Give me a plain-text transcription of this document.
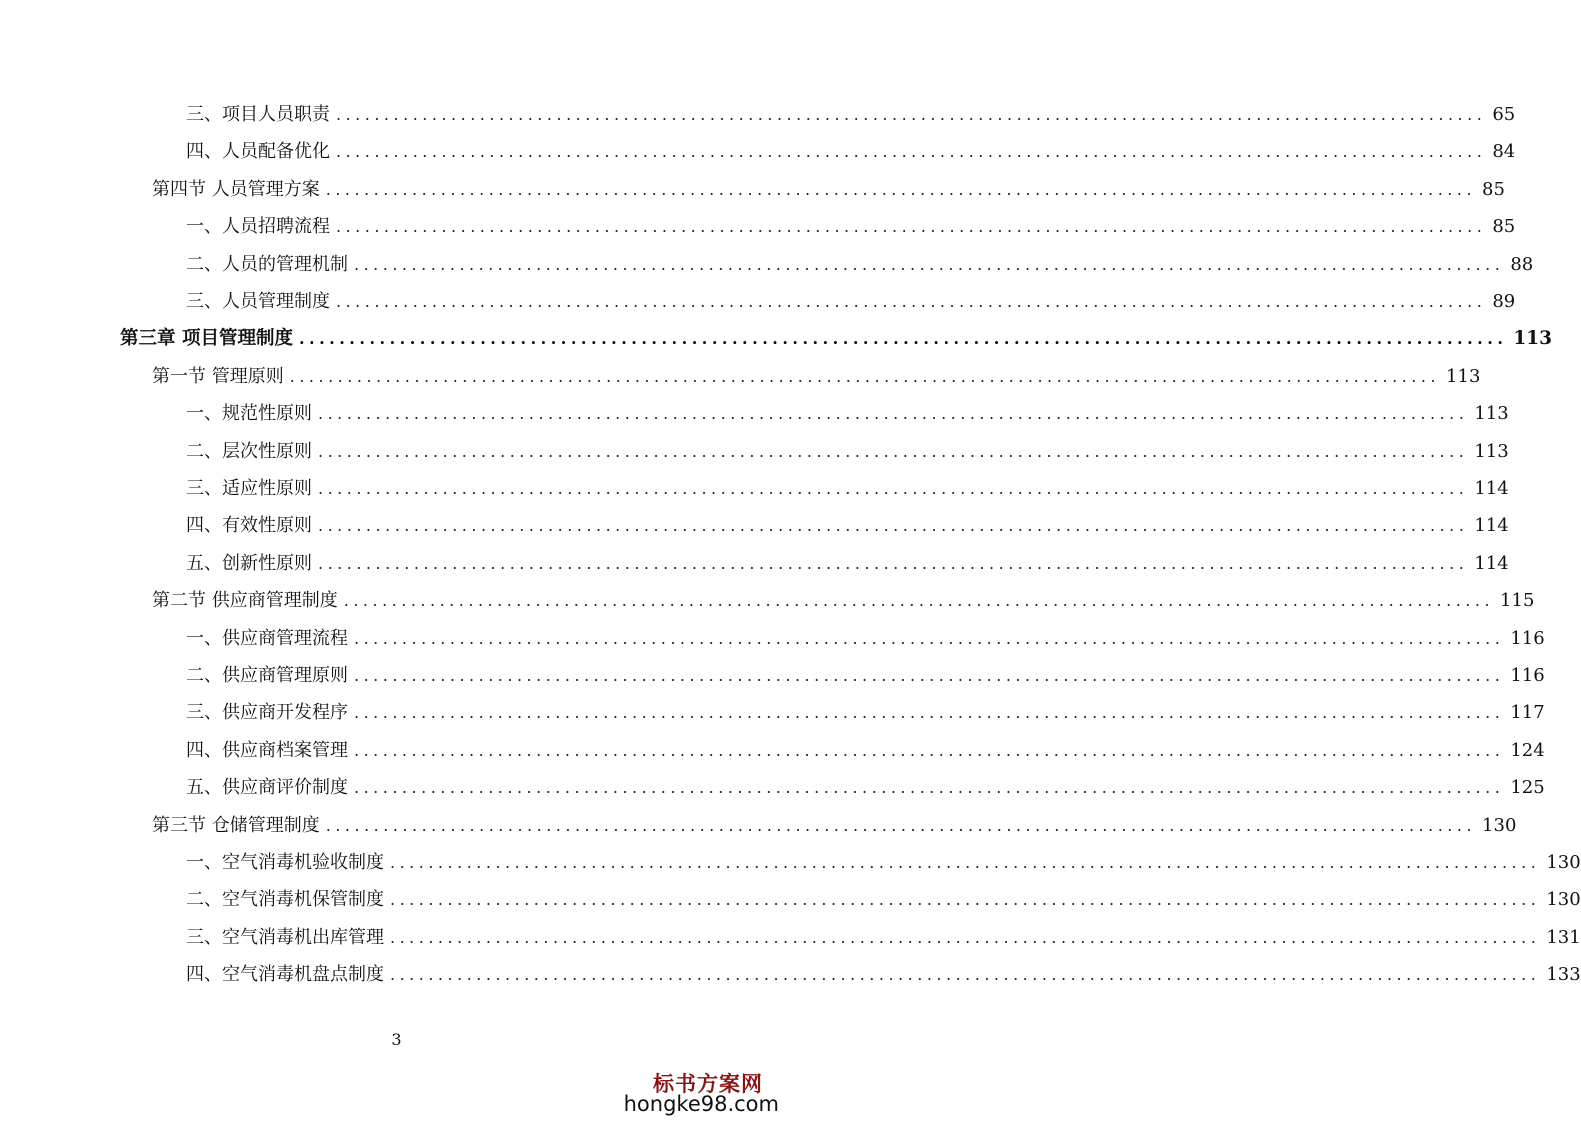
三、项目人员职责 ........................................................................................................................ 65
四、人员配备优化 ........................................................................................................................ 84
第四节 人员管理方案 ........................................................................................................................ 85
一、人员招聘流程 ........................................................................................................................ 85
二、人员的管理机制 ........................................................................................................................ 88
三、人员管理制度 ........................................................................................................................ 89
第三章 项目管理制度 ........................................................................................................................ 113
第一节 管理原则 ........................................................................................................................ 113
一、规范性原则 ........................................................................................................................ 113
二、层次性原则 ........................................................................................................................ 113
三、适应性原则 ........................................................................................................................ 114
四、有效性原则 ........................................................................................................................ 114
五、创新性原则 ........................................................................................................................ 114
第二节 供应商管理制度 ........................................................................................................................ 115
一、供应商管理流程 ........................................................................................................................ 116
二、供应商管理原则 ........................................................................................................................ 116
三、供应商开发程序 ........................................................................................................................ 117
四、供应商档案管理 ........................................................................................................................ 124
五、供应商评价制度 ........................................................................................................................ 125
第三节 仓储管理制度 ........................................................................................................................ 130
一、空气消毒机验收制度 ........................................................................................................................ 130
二、空气消毒机保管制度 ........................................................................................................................ 130
三、空气消毒机出库管理 ........................................................................................................................ 131
四、空气消毒机盘点制度 ........................................................................................................................ 133
3
标书方案网
hongke98.com
